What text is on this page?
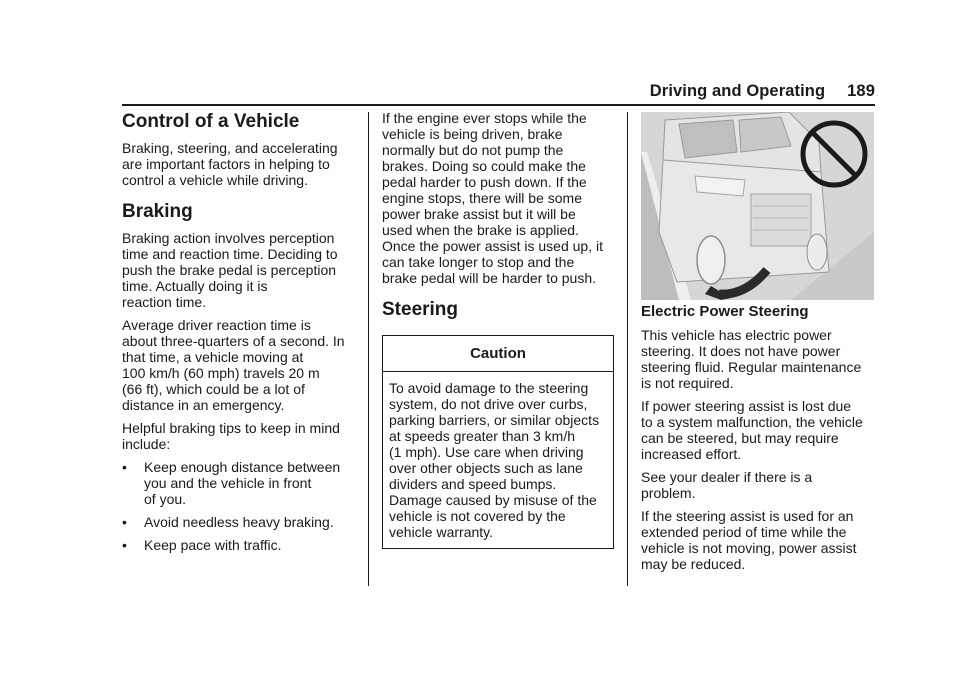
Driving and Operating 189
Control of a Vehicle

Braking, steering, and accelerating
are important factors in helping to
control a vehicle while driving.

Braking

Braking action involves perception
time and reaction time. Deciding to
push the brake pedal is perception
time. Actually doing it is
reaction time.

Average driver reaction time is
about three-quarters of a second. In
that time, a vehicle moving at
100 km/h (60 mph) travels 20 m
(66 ft), which could be a lot of
distance in an emergency.

Helpful braking tips to keep in mind
include:

•	Keep enough distance between
you and the vehicle in front
of you.
•	Avoid needless heavy braking.
•	Keep pace with traffic.

If the engine ever stops while the
vehicle is being driven, brake
normally but do not pump the
brakes. Doing so could make the
pedal harder to push down. If the
engine stops, there will be some
power brake assist but it will be
used when the brake is applied.
Once the power assist is used up, it
can take longer to stop and the
brake pedal will be harder to push.

Steering
Caution
To avoid damage to the steering
system, do not drive over curbs,
parking barriers, or similar objects
at speeds greater than 3 km/h
(1 mph). Use care when driving
over other objects such as lane
dividers and speed bumps.
Damage caused by misuse of the
vehicle is not covered by the
vehicle warranty.
Electric Power Steering

This vehicle has electric power
steering. It does not have power
steering fluid. Regular maintenance
is not required.

If power steering assist is lost due
to a system malfunction, the vehicle
can be steered, but may require
increased effort.

See your dealer if there is a
problem.

If the steering assist is used for an
extended period of time while the
vehicle is not moving, power assist
may be reduced.
